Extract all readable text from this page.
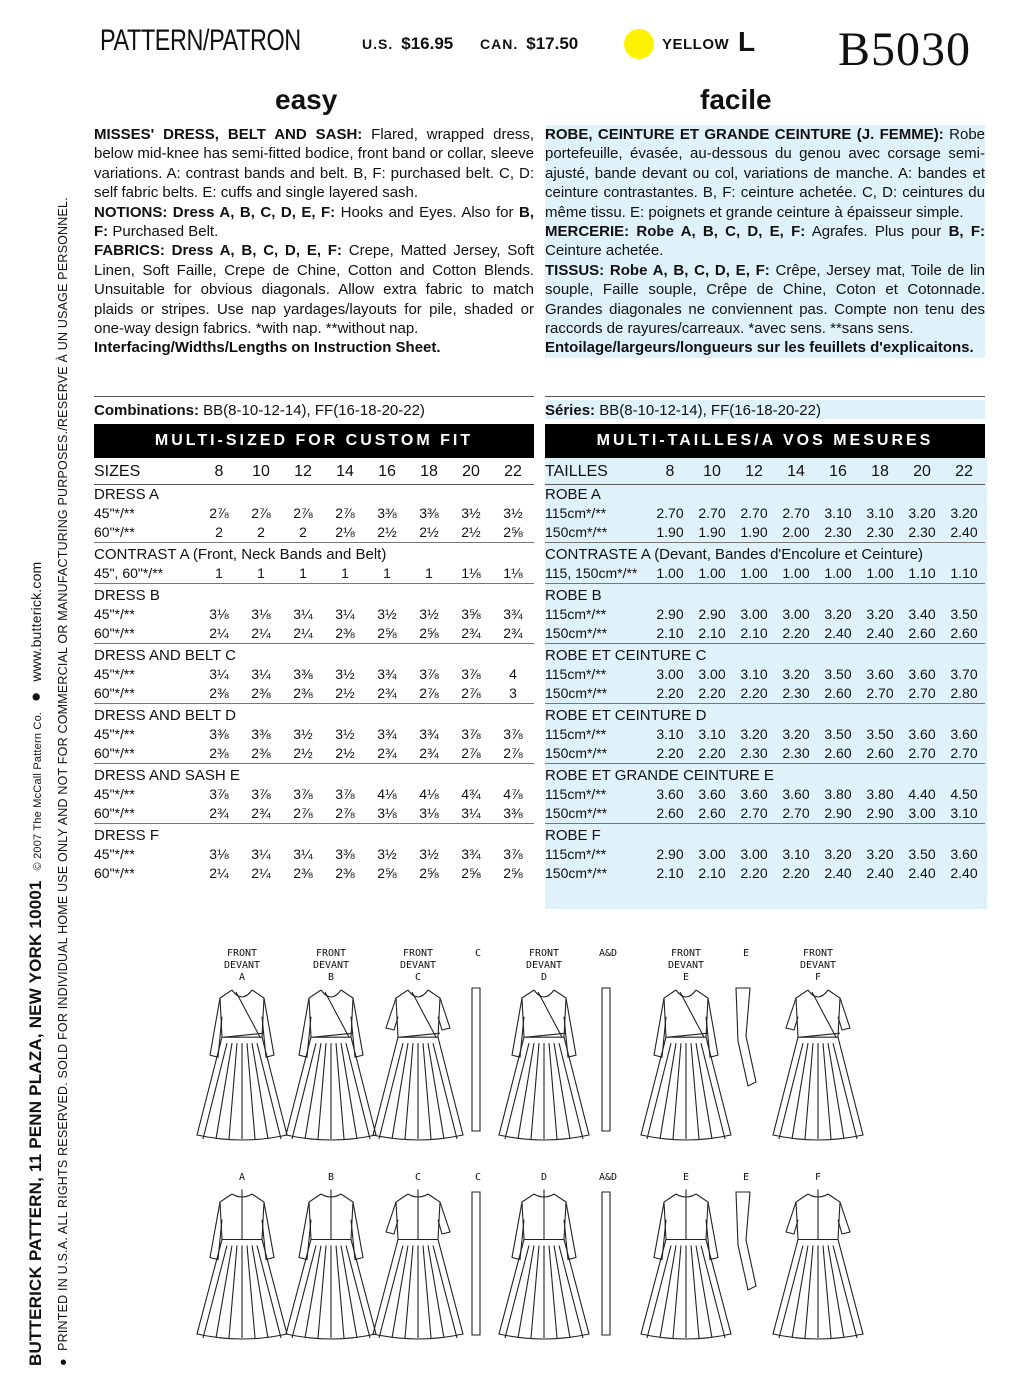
PATTERN/PATRON	U.S. $16.95 CAN. $17.50	YELLOW L B5030
easy	facile
BUTTERICK PATTERN, 11 PENN PLAZA, NEW YORK 10001  © 2007 The McCall Pattern Co.  ●  www.butterick.com
●  PRINTED IN U.S.A. ALL RIGHTS RESERVED. SOLD FOR INDIVIDUAL HOME USE ONLY AND NOT FOR COMMERCIAL OR MANUFACTURING PURPOSES./RESERVE À UN USAGE PERSONNEL.

MISSES' DRESS, BELT AND SASH: Flared, wrapped dress, below mid-knee has semi-fitted bodice, front band or collar, sleeve variations. A: contrast bands and belt. B, F: purchased belt. C, D: self fabric belts. E: cuffs and single layered sash.

NOTIONS: Dress A, B, C, D, E, F: Hooks and Eyes. Also for B, F: Purchased Belt.

FABRICS: Dress A, B, C, D, E, F: Crepe, Matted Jersey, Soft Linen, Soft Faille, Crepe de Chine, Cotton and Cotton Blends. Unsuitable for obvious diagonals. Allow extra fabric to match plaids or stripes. Use nap yardages/layouts for pile, shaded or one-way design fabrics. *with nap. **without nap.

Interfacing/Widths/Lengths on Instruction Sheet.

ROBE, CEINTURE ET GRANDE CEINTURE (J. FEMME): Robe portefeuille, évasée, au-dessous du genou avec corsage semi-ajusté, bande devant ou col, variations de manche. A: bandes et ceinture contrastantes. B, F: ceinture achetée. C, D: ceintures du même tissu. E: poignets et grande ceinture à épaisseur simple.

MERCERIE: Robe A, B, C, D, E, F: Agrafes. Plus pour B, F: Ceinture achetée.

TISSUS: Robe A, B, C, D, E, F: Crêpe, Jersey mat, Toile de lin souple, Faille souple, Crêpe de Chine, Coton et Cotonnade. Grandes diagonales ne conviennent pas. Compte non tenu des raccords de rayures/carreaux. *avec sens. **sans sens.

Entoilage/largeurs/longueurs sur les feuillets d'explicaitons.

Combinations: BB(8-10-12-14), FF(16-18-20-22)	Séries: BB(8-10-12-14), FF(16-18-20-22)
MULTI-SIZED FOR CUSTOM FIT	MULTI-TAILLES/A VOS MESURES
SIZES	8	10	12	14	16	18	20	22
DRESS A								
45"*/**	2⅞	2⅞	2⅞	2⅞	3⅜	3⅜	3½	3½
60"*/**	2	2	2	2⅛	2½	2½	2½	2⅝
CONTRAST A (Front, Neck Bands and Belt)								
45", 60"*/**	1	1	1	1	1	1	1⅛	1⅛
DRESS B								
45"*/**	3⅛	3⅛	3¼	3¼	3½	3½	3⅝	3¾
60"*/**	2¼	2¼	2¼	2⅜	2⅝	2⅝	2¾	2¾
DRESS AND BELT C								
45"*/**	3¼	3¼	3⅜	3½	3¾	3⅞	3⅞	4
60"*/**	2⅜	2⅜	2⅜	2½	2¾	2⅞	2⅞	3
DRESS AND BELT D								
45"*/**	3⅜	3⅜	3½	3½	3¾	3¾	3⅞	3⅞
60"*/**	2⅜	2⅜	2½	2½	2¾	2¾	2⅞	2⅞
DRESS AND SASH E								
45"*/**	3⅞	3⅞	3⅞	3⅞	4⅛	4⅛	4¾	4⅞
60"*/**	2¾	2¾	2⅞	2⅞	3⅛	3⅛	3¼	3⅜
DRESS F								
45"*/**	3⅛	3¼	3¼	3⅜	3½	3½	3¾	3⅞
60"*/**	2¼	2¼	2⅜	2⅜	2⅝	2⅝	2⅝	2⅝
TAILLES	8	10	12	14	16	18	20	22
ROBE A								
115cm*/**	2.70	2.70	2.70	2.70	3.10	3.10	3.20	3.20
150cm*/**	1.90	1.90	1.90	2.00	2.30	2.30	2.30	2.40
CONTRASTE A (Devant, Bandes d'Encolure et Ceinture)								
115, 150cm*/**	1.00	1.00	1.00	1.00	1.00	1.00	1.10	1.10
ROBE B								
115cm*/**	2.90	2.90	3.00	3.00	3.20	3.20	3.40	3.50
150cm*/**	2.10	2.10	2.10	2.20	2.40	2.40	2.60	2.60
ROBE ET CEINTURE C								
115cm*/**	3.00	3.00	3.10	3.20	3.50	3.60	3.60	3.70
150cm*/**	2.20	2.20	2.20	2.30	2.60	2.70	2.70	2.80
ROBE ET CEINTURE D								
115cm*/**	3.10	3.10	3.20	3.20	3.50	3.50	3.60	3.60
150cm*/**	2.20	2.20	2.30	2.30	2.60	2.60	2.70	2.70
ROBE ET GRANDE CEINTURE E								
115cm*/**	3.60	3.60	3.60	3.60	3.80	3.80	4.40	4.50
150cm*/**	2.60	2.60	2.70	2.70	2.90	2.90	3.00	3.10
ROBE F								
115cm*/**	2.90	3.00	3.00	3.10	3.20	3.20	3.50	3.60
150cm*/**	2.10	2.10	2.20	2.20	2.40	2.40	2.40	2.40
FRONT
DEVANT
A
FRONT
DEVANT
B
FRONT
DEVANT
C
C	FRONT
DEVANT
D
A&D	FRONT
DEVANT
E
E	FRONT
DEVANT
F
A	B	C	C	D	A&D	E	E	F
